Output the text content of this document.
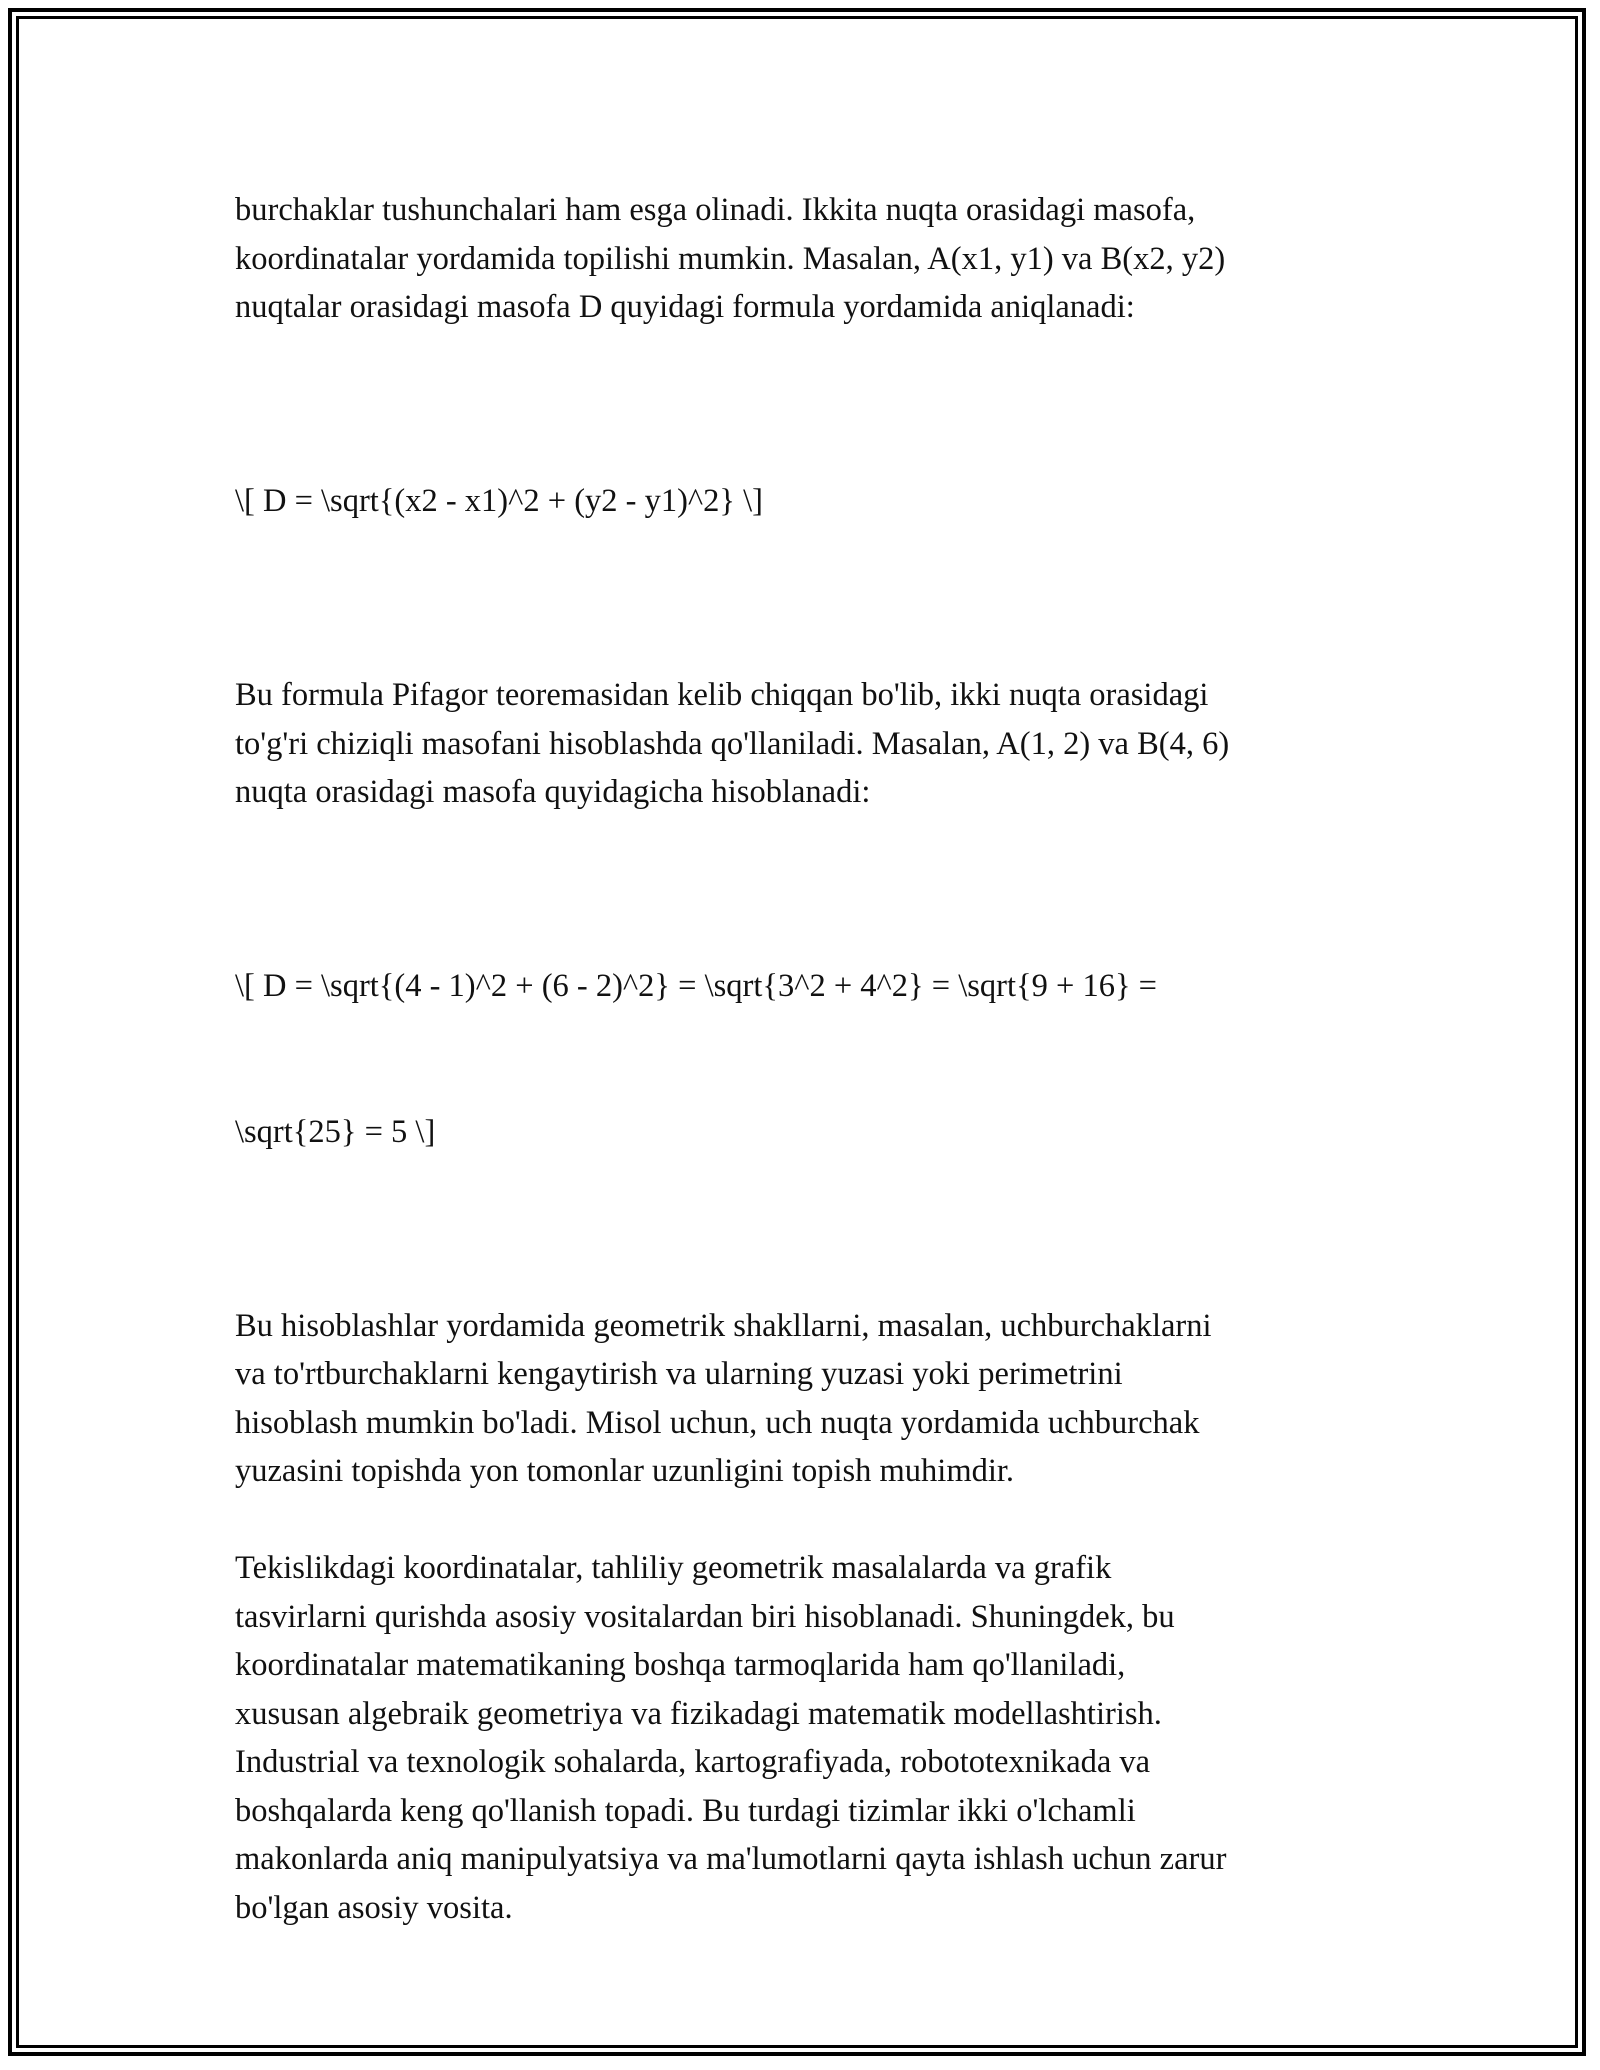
burchaklar tushunchalari ham esga olinadi. Ikkita nuqta orasidagi masofa,
koordinatalar yordamida topilishi mumkin. Masalan, A(x1, y1) va B(x2, y2)
nuqtalar orasidagi masofa D quyidagi formula yordamida aniqlanadi:

\[ D = \sqrt{(x2 - x1)^2 + (y2 - y1)^2} \]

Bu formula Pifagor teoremasidan kelib chiqqan bo'lib, ikki nuqta orasidagi
to'g'ri chiziqli masofani hisoblashda qo'llaniladi. Masalan, A(1, 2) va B(4, 6)
nuqta orasidagi masofa quyidagicha hisoblanadi:

\[ D = \sqrt{(4 - 1)^2 + (6 - 2)^2} = \sqrt{3^2 + 4^2} = \sqrt{9 + 16} =

\sqrt{25} = 5 \]

Bu hisoblashlar yordamida geometrik shakllarni, masalan, uchburchaklarni
va to'rtburchaklarni kengaytirish va ularning yuzasi yoki perimetrini
hisoblash mumkin bo'ladi. Misol uchun, uch nuqta yordamida uchburchak
yuzasini topishda yon tomonlar uzunligini topish muhimdir.
Tekislikdagi koordinatalar, tahliliy geometrik masalalarda va grafik
tasvirlarni qurishda asosiy vositalardan biri hisoblanadi. Shuningdek, bu
koordinatalar matematikaning boshqa tarmoqlarida ham qo'llaniladi,
xususan algebraik geometriya va fizikadagi matematik modellashtirish.
Industrial va texnologik sohalarda, kartografiyada, robototexnikada va
boshqalarda keng qo'llanish topadi. Bu turdagi tizimlar ikki o'lchamli
makonlarda aniq manipulyatsiya va ma'lumotlarni qayta ishlash uchun zarur
bo'lgan asosiy vosita.
